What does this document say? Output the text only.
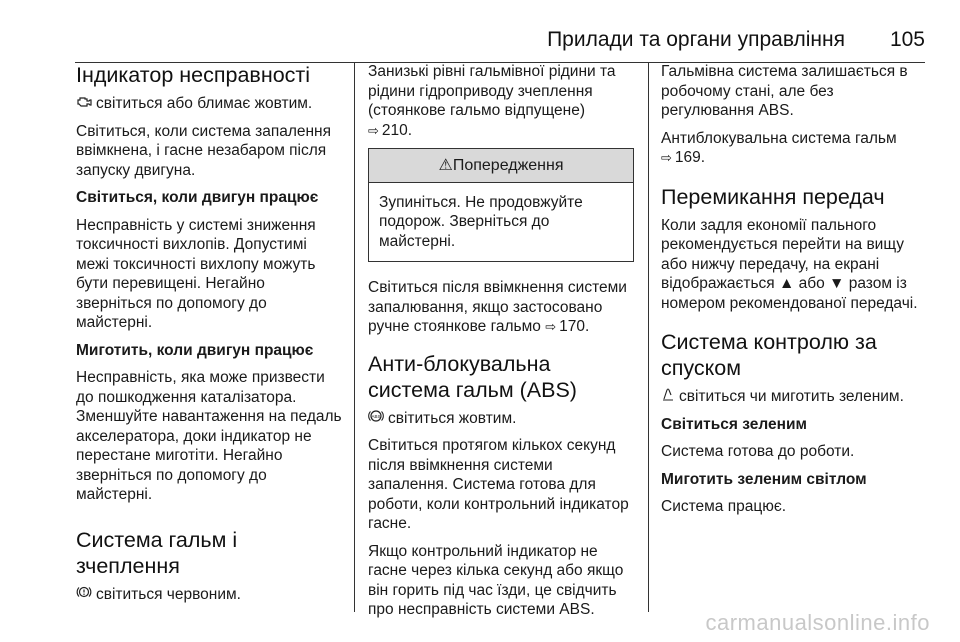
Прилади та органи управління 105
Індикатор несправності

світиться або блимає жовтим.

Світиться, коли система запалення ввімкнена, і гасне незабаром після запуску двигуна.

Світиться, коли двигун працює

Несправність у системі зниження токсичності вихлопів. Допустимі межі токсичності вихлопу можуть бути перевищені. Негайно зверніться по допомогу до майстерні.

Миготить, коли двигун працює

Несправність, яка може призвести до пошкодження каталізатора. Зменшуйте навантаження на педаль акселератора, доки індикатор не перестане миготіти. Негайно зверніться по допомогу до майстерні.

Система гальм і зчеплення

світиться червоним.

Занизькі рівні гальмівної рідини та рідини гідроприводу зчеплення (стоянкове гальмо відпущене)
⇨ 210.

⚠Попередження
Зупиніться. Не продовжуйте подорож. Зверніться до майстерні.

Світиться після ввімкнення системи запалювання, якщо застосовано ручне стоянкове гальмо ⇨ 170.

Анти-блокувальна система гальм (ABS)

ABS світиться жовтим.

Світиться протягом кількох секунд після ввімкнення системи запалення. Система готова для роботи, коли контрольний індикатор гасне.

Якщо контрольний індикатор не гасне через кілька секунд або якщо він горить під час їзди, це свідчить про несправність системи ABS.

Гальмівна система залишається в робочому стані, але без регулювання ABS.

Антиблокувальна система гальм
⇨ 169.

Перемикання передач

Коли задля економії пального рекомендується перейти на вищу або нижчу передачу, на екрані відображається ▲ або ▼ разом із номером рекомендованої передачі.

Система контролю за спуском

світиться чи миготить зеленим.

Світиться зеленим

Система готова до роботи.

Миготить зеленим світлом

Система працює.

carmanualsonline.info
